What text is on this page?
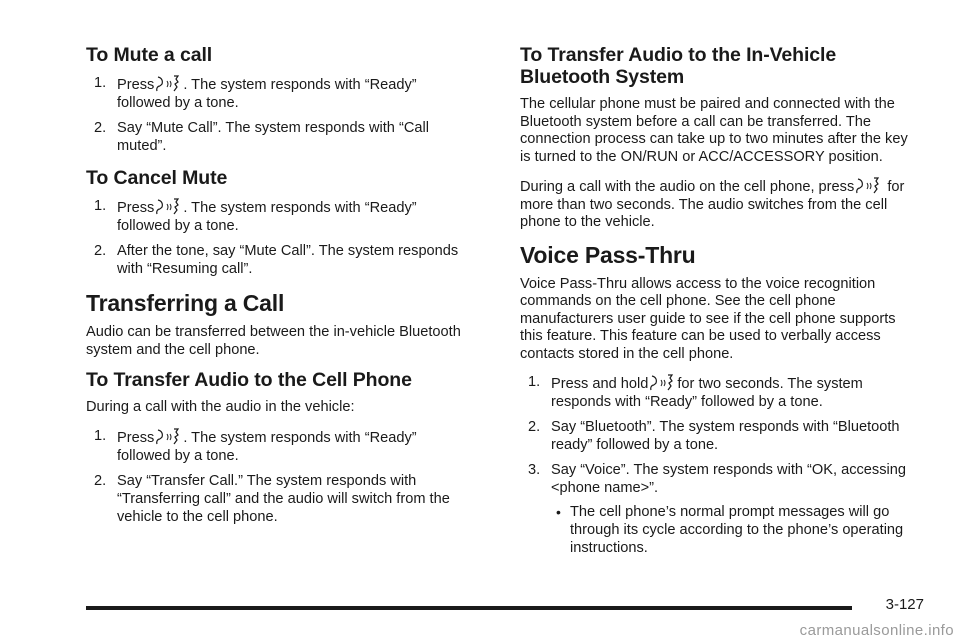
To Mute a call
1. Press . The system responds with “Ready”
followed by a tone.
2. Say “Mute Call”. The system responds with “Call muted”.
To Cancel Mute
1. Press . The system responds with “Ready”
followed by a tone.
2. After the tone, say “Mute Call”. The system responds with “Resuming call”.
Transferring a Call

Audio can be transferred between the in-vehicle Bluetooth system and the cell phone.

To Transfer Audio to the Cell Phone

During a call with the audio in the vehicle:

1. Press . The system responds with “Ready”
followed by a tone.
2. Say “Transfer Call.” The system responds with “Transferring call” and the audio will switch from the vehicle to the cell phone.
To Transfer Audio to the In-Vehicle Bluetooth System

The cellular phone must be paired and connected with the Bluetooth system before a call can be transferred. The connection process can take up to two minutes after the key is turned to the ON/RUN or ACC/ACCESSORY position.

During a call with the audio on the cell phone, press for more than two seconds. The audio switches from the cell phone to the vehicle.

Voice Pass-Thru

Voice Pass-Thru allows access to the voice recognition commands on the cell phone. See the cell phone manufacturers user guide to see if the cell phone supports this feature. This feature can be used to verbally access contacts stored in the cell phone.

1. Press and hold for two seconds. The system
responds with “Ready” followed by a tone.
2. Say “Bluetooth”. The system responds with “Bluetooth ready” followed by a tone.
3. Say “Voice”. The system responds with “OK, accessing <phone name>”.
• The cell phone’s normal prompt messages will go through its cycle according to the phone’s operating instructions.
3-127
carmanualsonline.info
